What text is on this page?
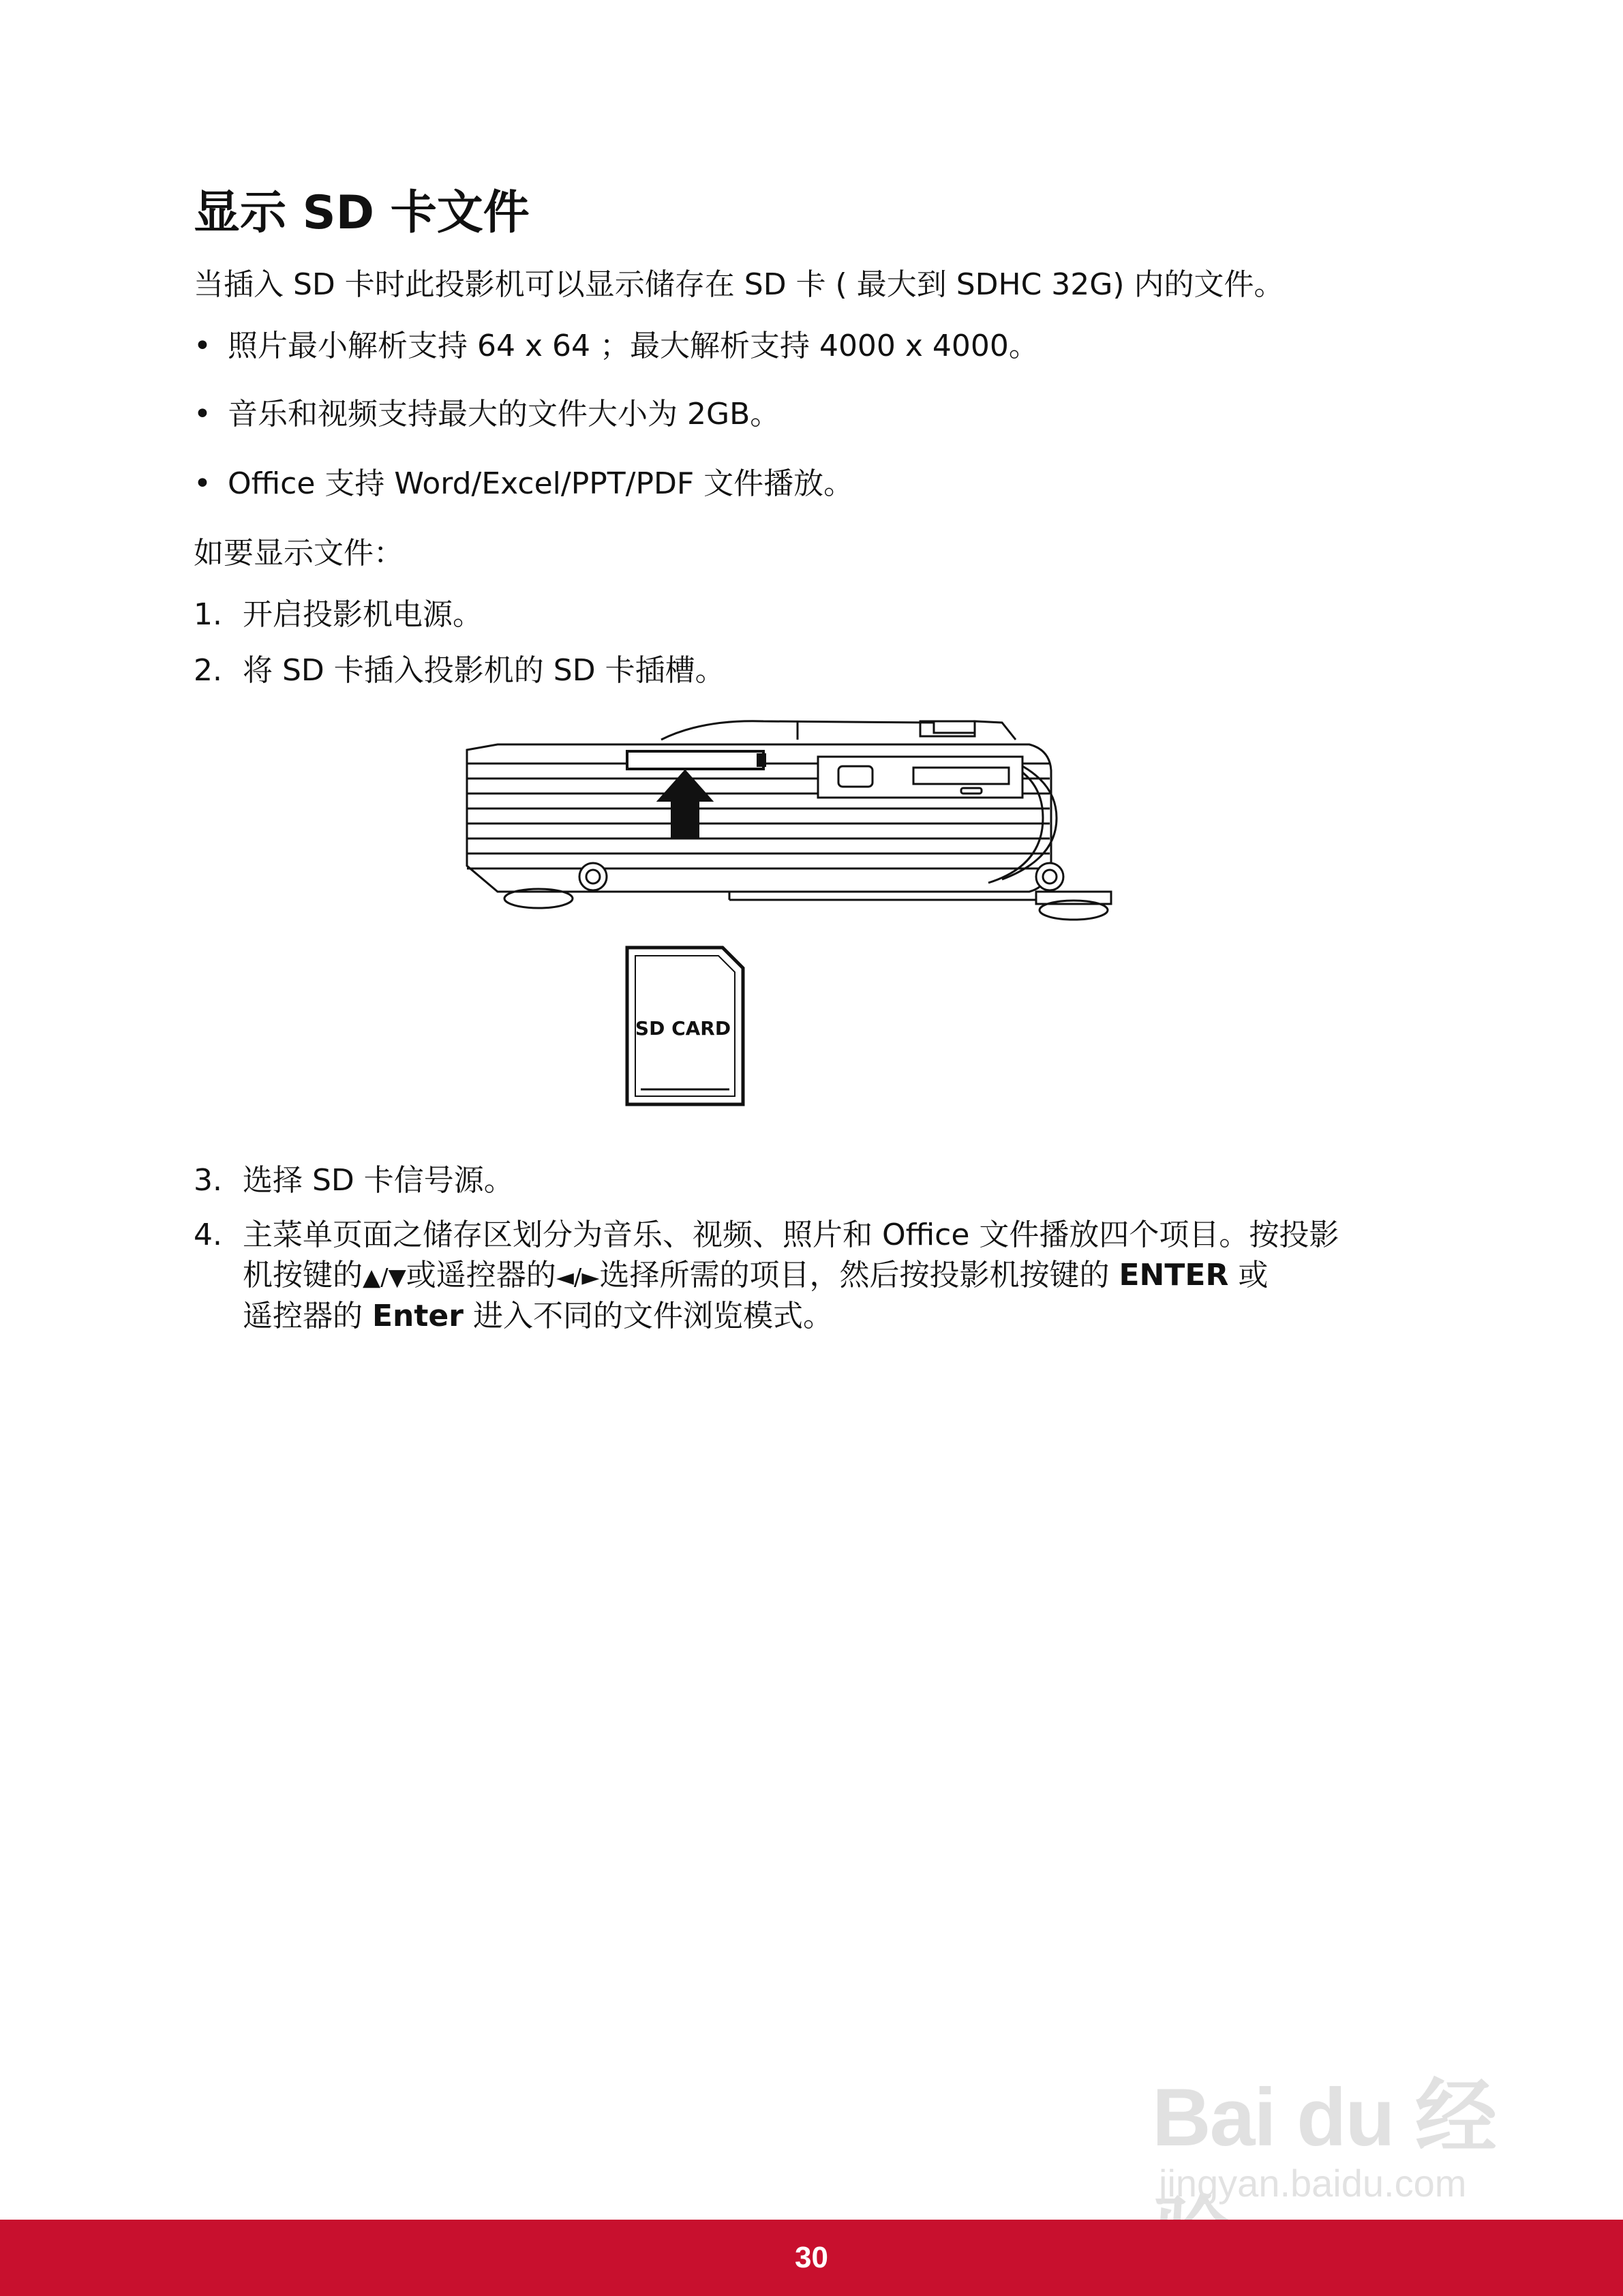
显示 SD 卡文件

当插入 SD 卡时此投影机可以显示储存在 SD 卡 ( 最大到 SDHC 32G) 内的文件。

• 照片最小解析支持 64 x 64 ；最大解析支持 4000 x 4000。
• 音乐和视频支持最大的文件大小为 2GB。
• Office 支持 Word/Excel/PPT/PDF 文件播放。

如要显示文件：

1. 开启投影机电源。
2. 将 SD 卡插入投影机的 SD 卡插槽。
SD CARD
3. 选择 SD 卡信号源。
4. 主菜单页面之储存区划分为音乐、视频、照片和 Office 文件播放四个项目。按投影
机按键的▲/▼或遥控器的◄/►选择所需的项目，然后按投影机按键的 ENTER 或
遥控器的 Enter 进入不同的文件浏览模式。
Bai du 经
jingyan.baidu.com
30
